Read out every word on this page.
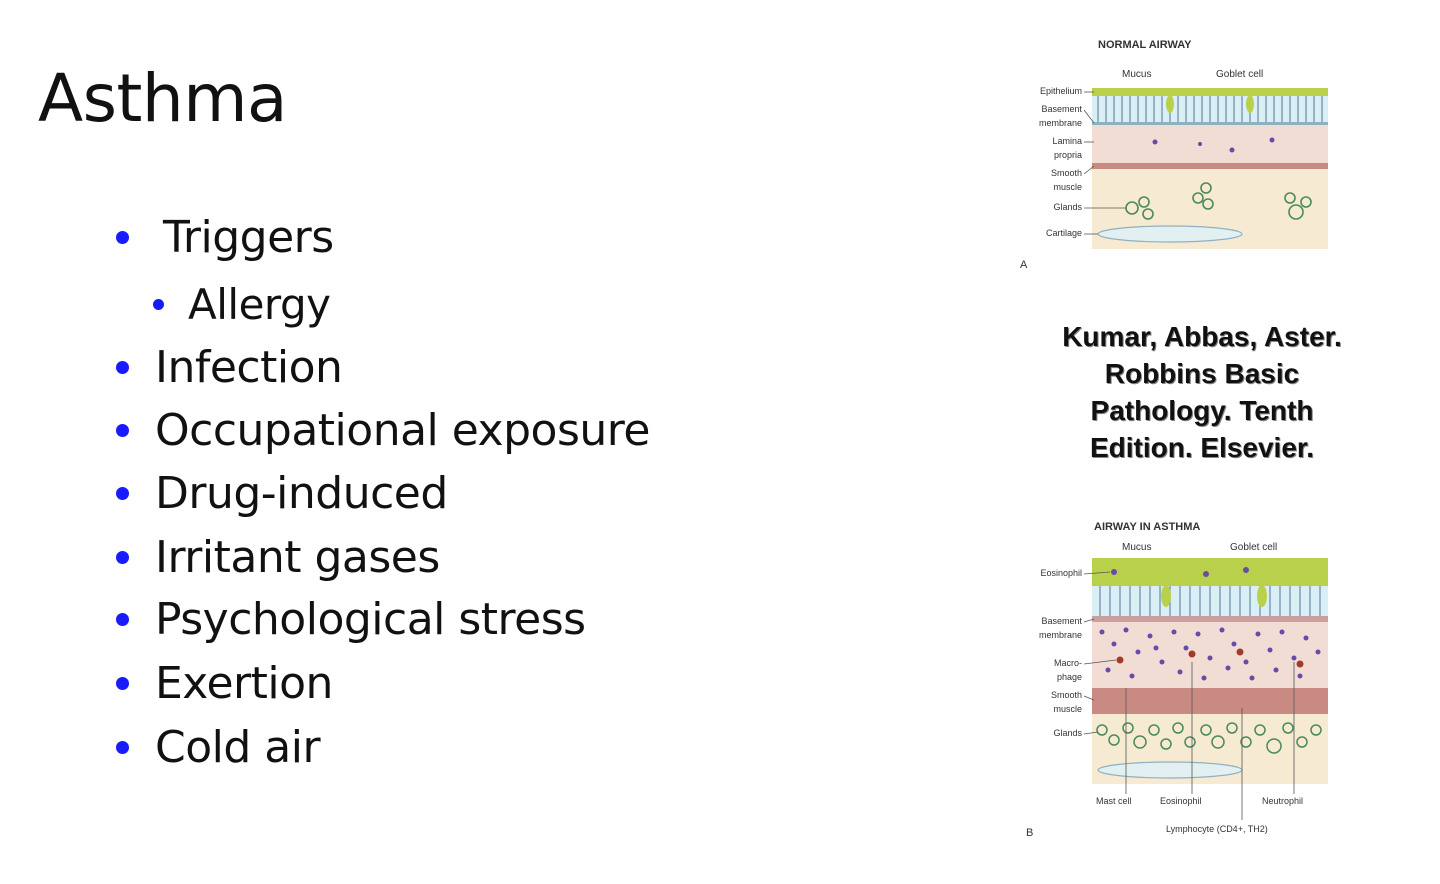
Asthma
Triggers
Allergy
Infection
Occupational exposure
Drug-induced
Irritant gases
Psychological stress
Exertion
Cold air
NORMAL AIRWAY
Mucus	Goblet cell
Epithelium
Basement
membrane
Lamina
propria
Smooth
muscle
Glands
Cartilage
A
Kumar, Abbas, Aster.
Robbins Basic
Pathology. Tenth
Edition. Elsevier.
AIRWAY IN ASTHMA
Mucus	Goblet cell
Eosinophil
Basement
membrane
Macro-
phage
Smooth
muscle
Glands
Mast cell	Eosinophil	Neutrophil
Lymphocyte (CD4+, TH2)
B
